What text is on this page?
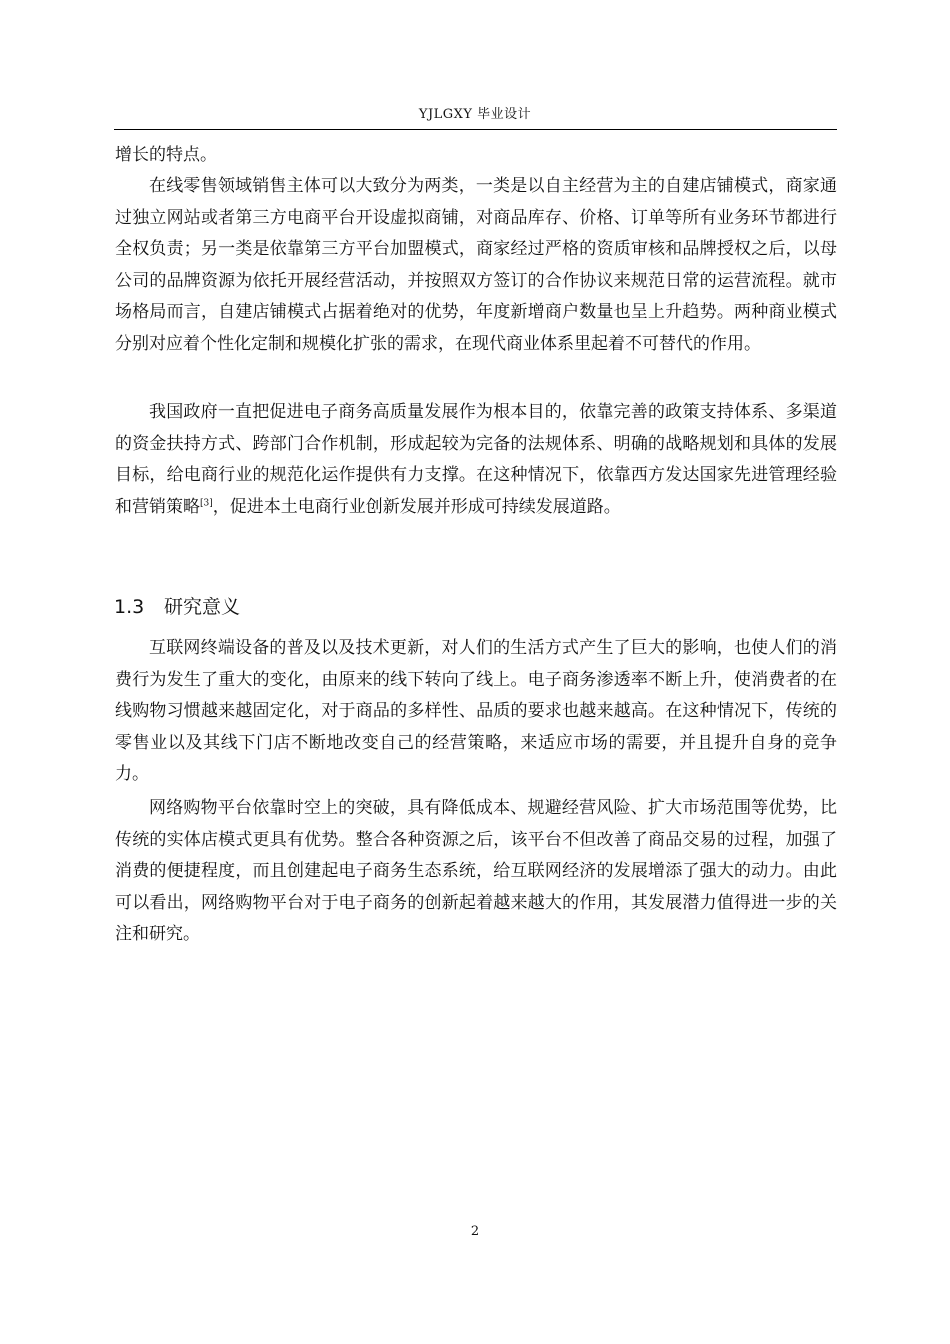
YJLGXY 毕业设计

增长的特点。

在线零售领域销售主体可以大致分为两类，一类是以自主经营为主的自建店铺模式，商家通过独立网站或者第三方电商平台开设虚拟商铺，对商品库存、价格、订单等所有业务环节都进行全权负责；另一类是依靠第三方平台加盟模式，商家经过严格的资质审核和品牌授权之后，以母公司的品牌资源为依托开展经营活动，并按照双方签订的合作协议来规范日常的运营流程。就市场格局而言，自建店铺模式占据着绝对的优势，年度新增商户数量也呈上升趋势。两种商业模式分别对应着个性化定制和规模化扩张的需求，在现代商业体系里起着不可替代的作用。

我国政府一直把促进电子商务高质量发展作为根本目的，依靠完善的政策支持体系、多渠道的资金扶持方式、跨部门合作机制，形成起较为完备的法规体系、明确的战略规划和具体的发展目标，给电商行业的规范化运作提供有力支撑。在这种情况下，依靠西方发达国家先进管理经验和营销策略[3]，促进本土电商行业创新发展并形成可持续发展道路。

1.3 研究意义

互联网终端设备的普及以及技术更新，对人们的生活方式产生了巨大的影响，也使人们的消费行为发生了重大的变化，由原来的线下转向了线上。电子商务渗透率不断上升，使消费者的在线购物习惯越来越固定化，对于商品的多样性、品质的要求也越来越高。在这种情况下，传统的零售业以及其线下门店不断地改变自己的经营策略，来适应市场的需要，并且提升自身的竞争力。

网络购物平台依靠时空上的突破，具有降低成本、规避经营风险、扩大市场范围等优势，比传统的实体店模式更具有优势。整合各种资源之后，该平台不但改善了商品交易的过程，加强了消费的便捷程度，而且创建起电子商务生态系统，给互联网经济的发展增添了强大的动力。由此可以看出，网络购物平台对于电子商务的创新起着越来越大的作用，其发展潜力值得进一步的关注和研究。

2
